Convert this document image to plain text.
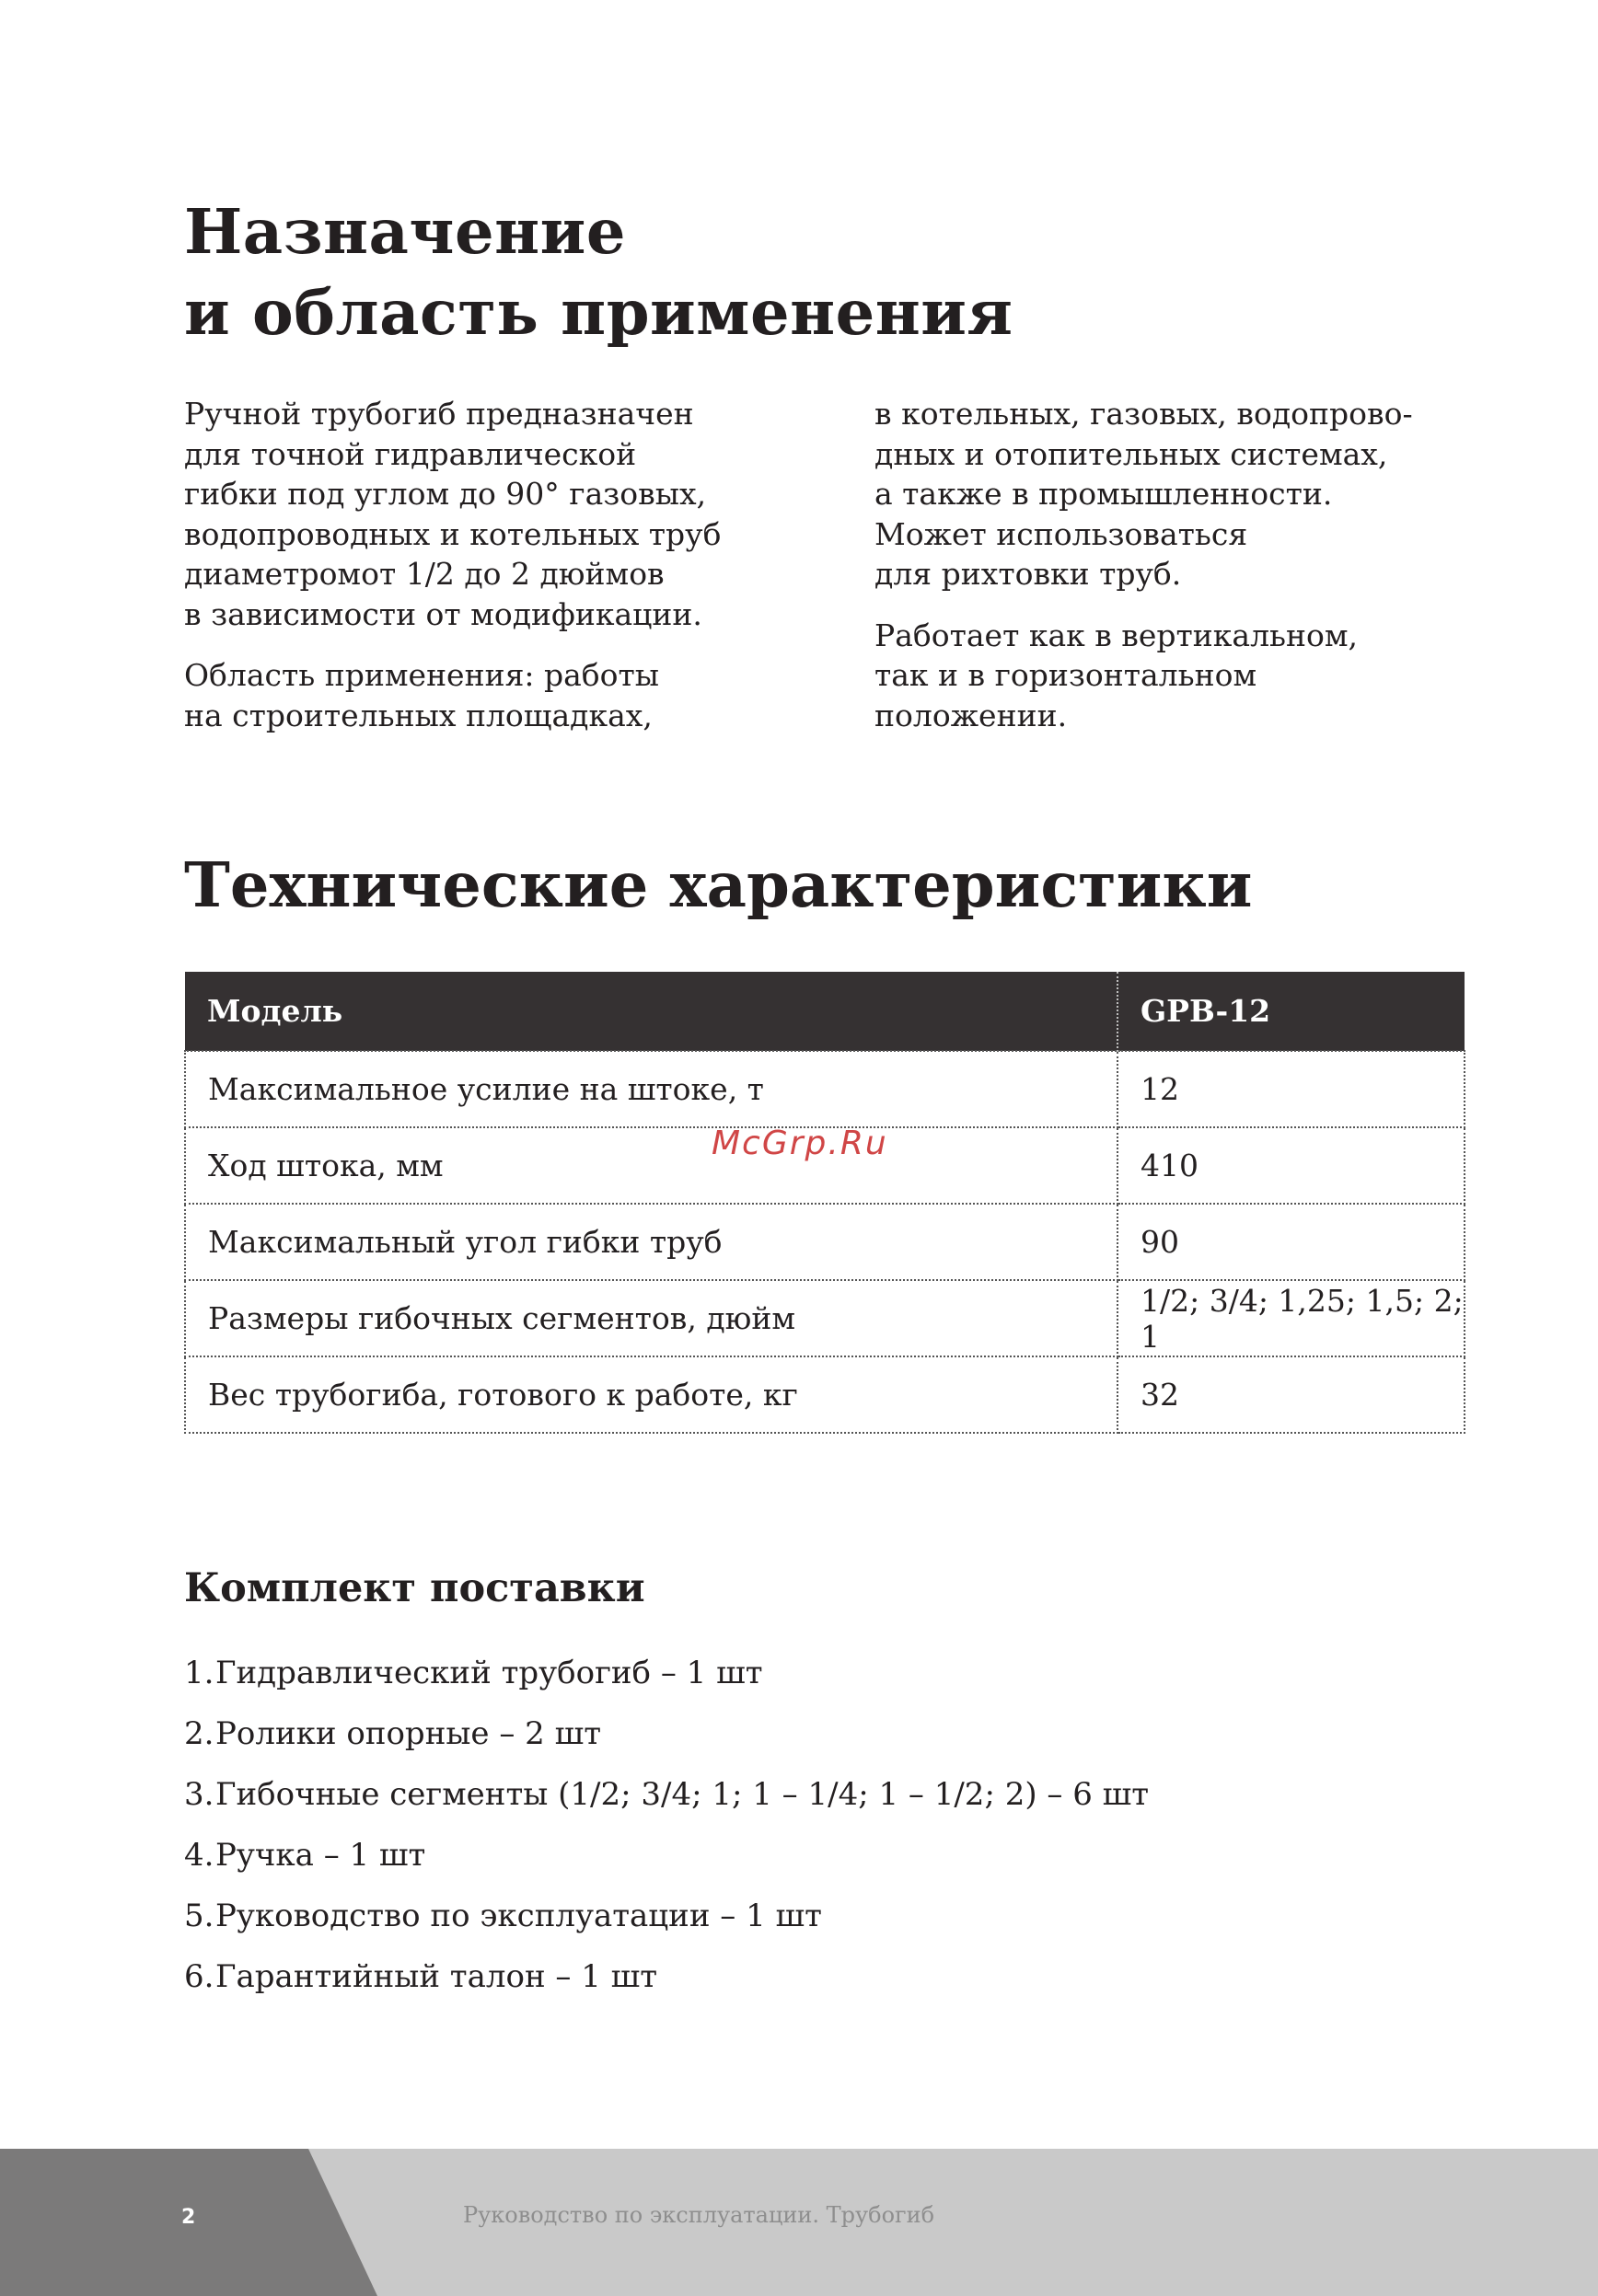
Назначение
и область применения

Ручной трубогиб предназначен
для точной гидравлической
гибки под углом до 90° газовых,
водопроводных и котельных труб
диаметромот 1/2 до 2 дюймов
в зависимости от модификации.

Область применения: работы
на строительных площадках,

в котельных, газовых, водопрово-
дных и отопительных системах,
а также в промышленности.
Может использоваться
для рихтовки труб.

Работает как в вертикальном,
так и в горизонтальном
положении.

Технические характеристики
Модель	GPB-12
Максимальное усилие на штоке, т	12
Ход штока, мм	410
Максимальный угол гибки труб	90
Размеры гибочных сегментов, дюйм	1/2; 3/4; 1,25; 1,5; 2; 1
Вес трубогиба, готового к работе, кг	32
McGrp.Ru
Комплект поставки
1. Гидравлический трубогиб – 1 шт
2. Ролики опорные – 2 шт
3. Гибочные сегменты (1/2; 3/4; 1; 1 – 1/4; 1 – 1/2; 2) – 6 шт
4. Ручка – 1 шт
5. Руководство по эксплуатации – 1 шт
6. Гарантийный талон – 1 шт
2	Руководство по эксплуатации. Трубогиб
